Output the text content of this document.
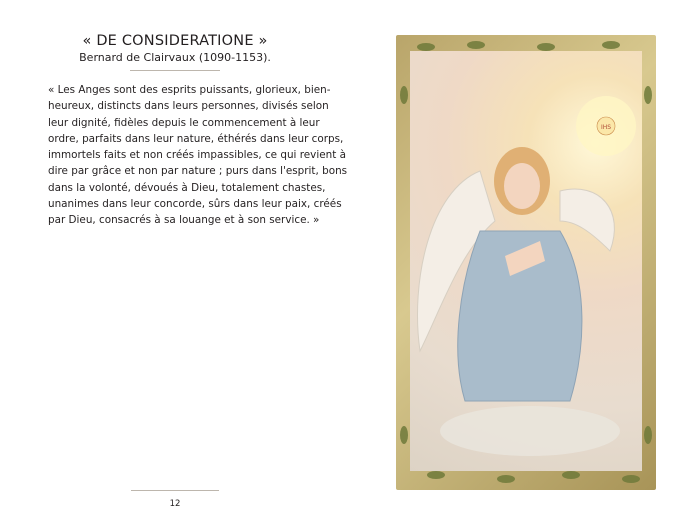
« DE CONSIDERATIONE »
Bernard de Clairvaux (1090-1153).
« Les Anges sont des esprits puissants, glorieux, bien-
heureux, distincts dans leurs personnes, divisés selon
leur dignité, fidèles depuis le commencement à leur
ordre, parfaits dans leur nature, éthérés dans leur corps,
immortels faits et non créés impassibles, ce qui revient à
dire par grâce et non par nature ; purs dans l'esprit, bons
dans la volonté, dévoués à Dieu, totalement chastes,
unanimes dans leur concorde, sûrs dans leur paix, créés
par Dieu, consacrés à sa louange et à son service. »
12
IHS
